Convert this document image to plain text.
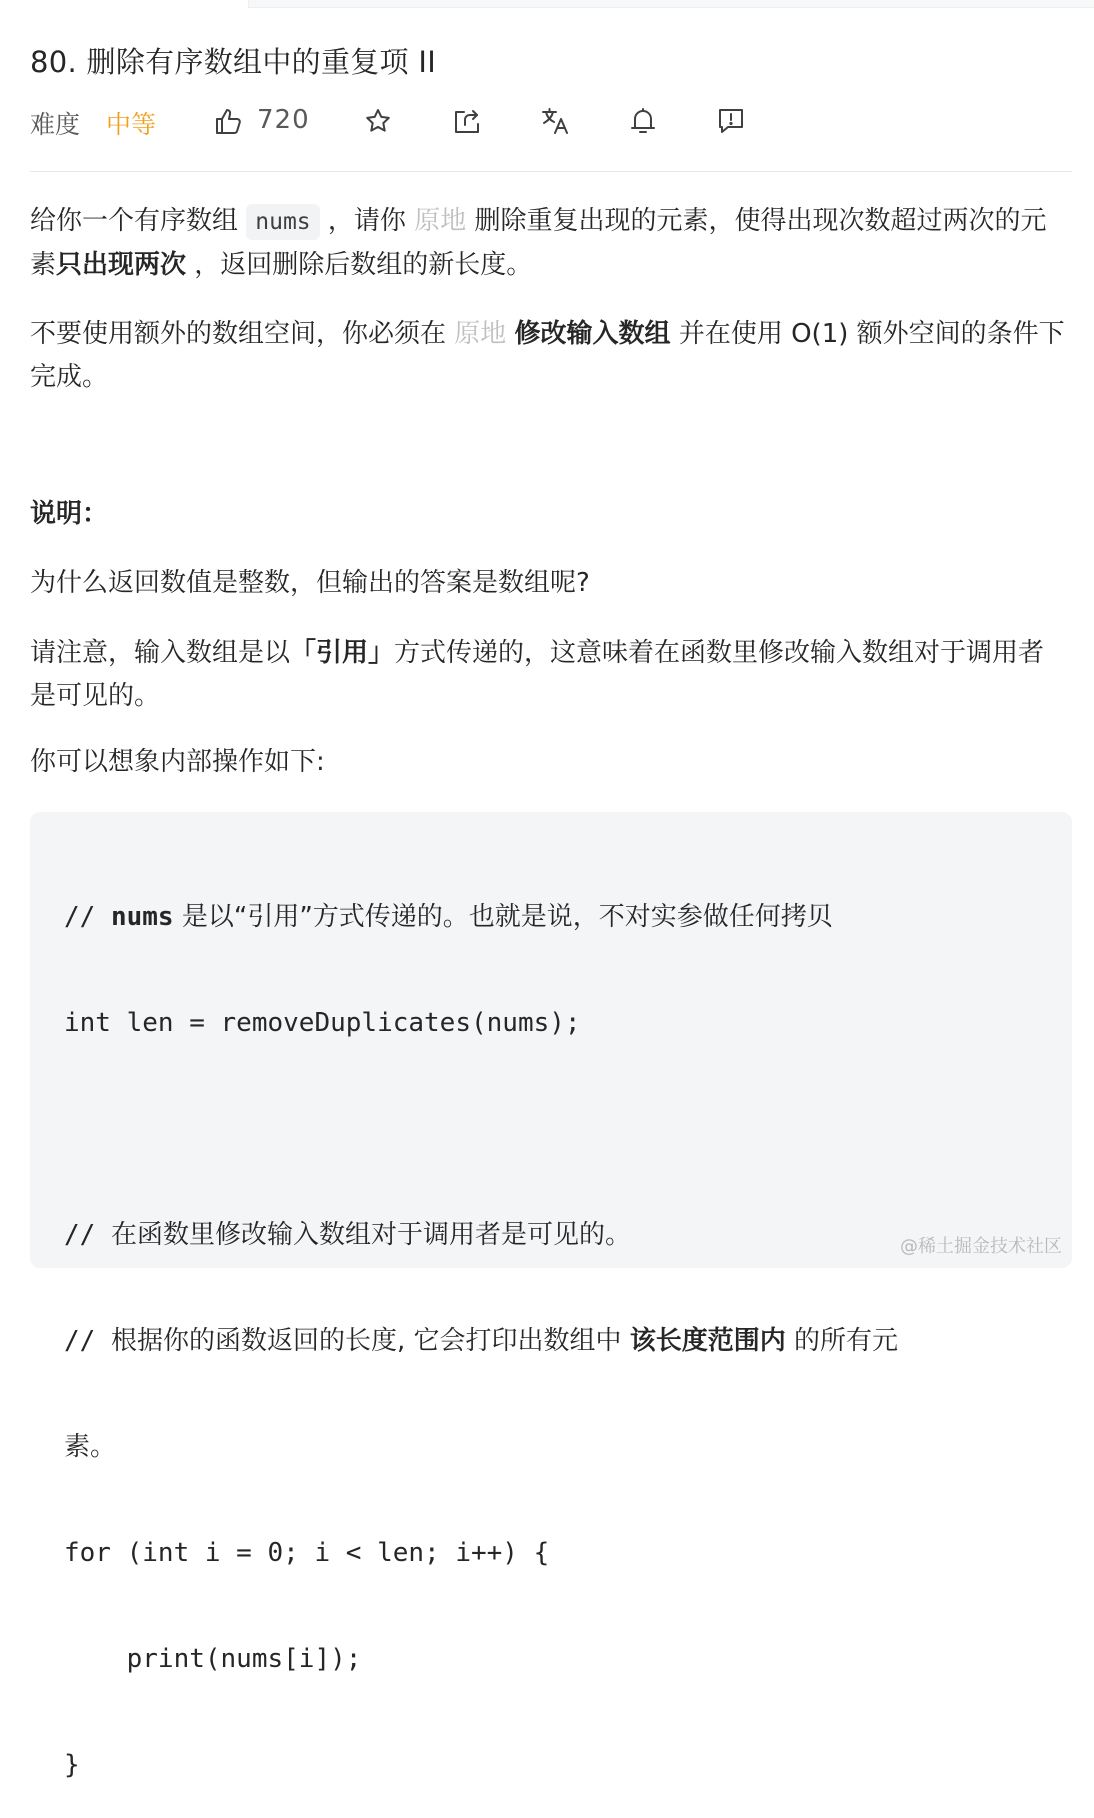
80. 删除有序数组中的重复项 II
难度 中等	720

给你一个有序数组 nums ，请你 原地 删除重复出现的元素，使得出现次数超过两次的元素只出现两次 ，返回删除后数组的新长度。

不要使用额外的数组空间，你必须在 原地 修改输入数组 并在使用 O(1) 额外空间的条件下完成。

说明：

为什么返回数值是整数，但输出的答案是数组呢?

请注意，输入数组是以「引用」方式传递的，这意味着在函数里修改输入数组对于调用者是可见的。

你可以想象内部操作如下:

// nums 是以“引用”方式传递的。也就是说，不对实参做任何拷贝

int len = removeDuplicates(nums);

// 在函数里修改输入数组对于调用者是可见的。

// 根据你的函数返回的长度, 它会打印出数组中 该长度范围内 的所有元

素。

for (int i = 0; i < len; i++) {

print(nums[i]);

}

@稀土掘金技术社区
